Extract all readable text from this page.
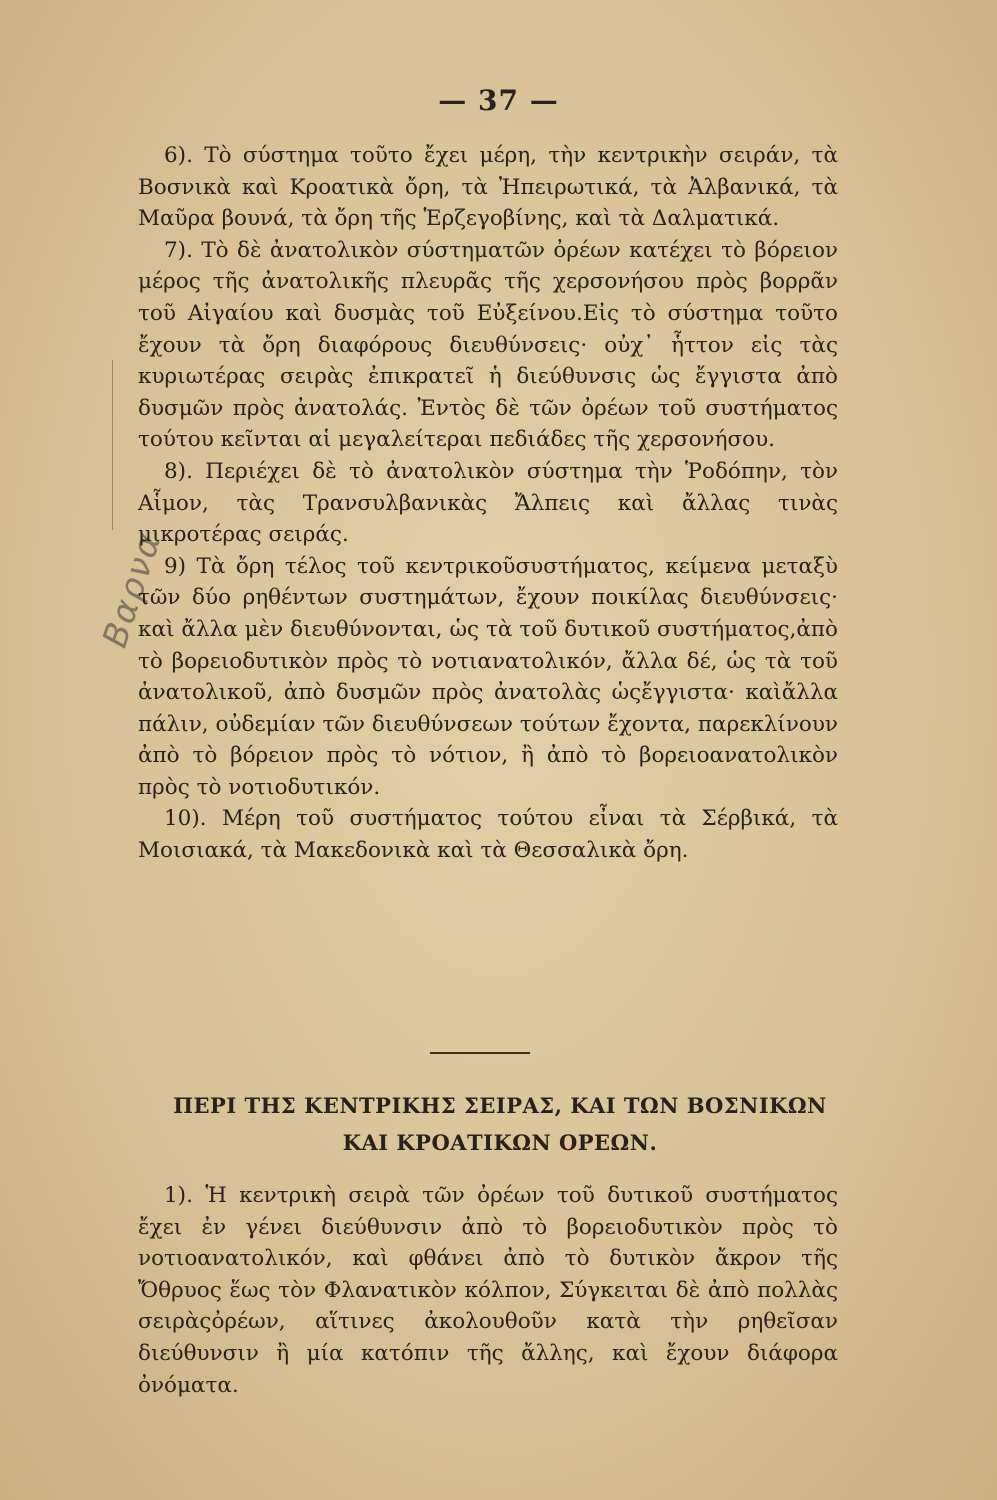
— 37 —
Βαρνα

6). Τὸ σύστημα τοῦτο ἔχει μέρη, τὴν κεντρικὴν σειράν, τὰ Βοσνικὰ καὶ Κροατικὰ ὄρη, τὰ Ἠπειρωτικά, τὰ Ἀλβανικά, τὰ Μαῦρα βουνά, τὰ ὄρη τῆς Ἑρζεγοβίνης, καὶ τὰ Δαλματικά.

7). Τὸ δὲ ἀνατολικὸν σύστηματῶν ὀρέων κατέχει τὸ βόρειον μέρος τῆς ἀνατολικῆς πλευρᾶς τῆς χερσονήσου πρὸς βορρᾶν τοῦ Αἰγαίου καὶ δυσμὰς τοῦ Εὐξείνου.Εἰς τὸ σύστημα τοῦτο ἔχουν τὰ ὄρη διαφόρους διευθύνσεις· οὐχ᾽ ἧττον εἰς τὰς κυριωτέρας σειρὰς ἐπικρατεῖ ἡ διεύθυνσις ὡς ἔγγιστα ἀπὸ δυσμῶν πρὸς ἀνατολάς. Ἐντὸς δὲ τῶν ὀρέων τοῦ συστήματος τούτου κεῖνται αἱ μεγαλείτεραι πεδιάδες τῆς χερσονήσου.

8). Περιέχει δὲ τὸ ἀνατολικὸν σύστημα τὴν Ῥοδόπην, τὸν Αἷμον, τὰς Τρανσυλβανικὰς Ἄλπεις καὶ ἄλλας τινὰς μικροτέρας σειράς.

9) Τὰ ὄρη τέλος τοῦ κεντρικοῦσυστήματος, κείμενα μεταξὺ τῶν δύο ρηθέντων συστημάτων, ἔχουν ποικίλας διευθύνσεις· καὶ ἄλλα μὲν διευθύνονται, ὡς τὰ τοῦ δυτικοῦ συστήματος,ἀπὸ τὸ βορειοδυτικὸν πρὸς τὸ νοτιανατολικόν, ἄλλα δέ, ὡς τὰ τοῦ ἀνατολικοῦ, ἀπὸ δυσμῶν πρὸς ἀνατολὰς ὡςἔγγιστα· καὶἄλλα πάλιν, οὐδεμίαν τῶν διευθύνσεων τούτων ἔχοντα, παρεκλίνουν ἀπὸ τὸ βόρειον πρὸς τὸ νότιον, ἢ ἀπὸ τὸ βορειοανατολικὸν πρὸς τὸ νοτιοδυτικόν.

10). Μέρη τοῦ συστήματος τούτου εἶναι τὰ Σέρβικά, τὰ Μοισιακά, τὰ Μακεδονικὰ καὶ τὰ Θεσσαλικὰ ὄρη.

ΠΕΡΙ ΤΗΣ ΚΕΝΤΡΙΚΗΣ ΣΕΙΡΑΣ, ΚΑΙ ΤΩΝ ΒΟΣΝΙΚΩΝ
ΚΑΙ ΚΡΟΑΤΙΚΩΝ ΟΡΕΩΝ.

1). Ἡ κεντρικὴ σειρὰ τῶν ὀρέων τοῦ δυτικοῦ συστήματος ἔχει ἐν γένει διεύθυνσιν ἀπὸ τὸ βορειοδυτικὸν πρὸς τὸ νοτιοανατολικόν, καὶ φθάνει ἀπὸ τὸ δυτικὸν ἄκρον τῆς Ὄθρυος ἕως τὸν Φλανατικὸν κόλπον, Σύγκειται δὲ ἀπὸ πολλὰς σειρὰςὀρέων, αἵτινες ἀκολουθοῦν κατὰ τὴν ρηθεῖσαν διεύθυνσιν ἢ μία κατόπιν τῆς ἄλλης, καὶ ἔχουν διάφορα ὀνόματα.
